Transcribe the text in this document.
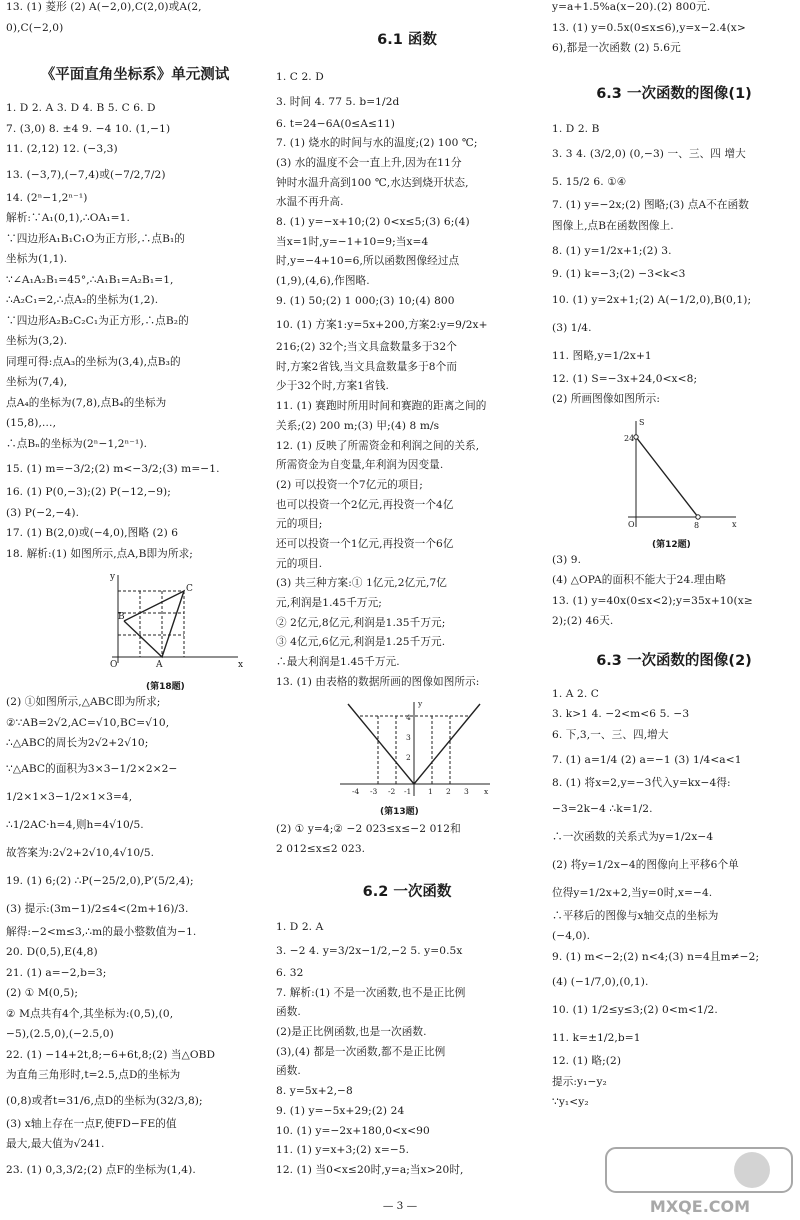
13. (1) 菱形 (2) A(−2,0),C(2,0)或A(2,
0),C(−2,0)
《平面直角坐标系》单元测试
1. D 2. A 3. D 4. B 5. C 6. D
7. (3,0) 8. ±4 9. −4 10. (1,−1)
11. (2,12) 12. (−3,3)
13. (−3,7),(−7,4)或(−7/2,7/2)
14. (2ⁿ−1,2ⁿ⁻¹)
解析:∵A₁(0,1),∴OA₁=1.
∵四边形A₁B₁C₁O为正方形,∴点B₁的
坐标为(1,1).
∵∠A₁A₂B₁=45°,∴A₁B₁=A₂B₁=1,
∴A₂C₁=2,∴点A₂的坐标为(1,2).
∵四边形A₂B₂C₂C₁为正方形,∴点B₂的
坐标为(3,2).
同理可得:点A₃的坐标为(3,4),点B₃的
坐标为(7,4),
点A₄的坐标为(7,8),点B₄的坐标为
(15,8),…,
∴点Bₙ的坐标为(2ⁿ−1,2ⁿ⁻¹).
15. (1) m=−3/2;(2) m<−3/2;(3) m=−1.
16. (1) P(0,−3);(2) P(−12,−9);
(3) P(−2,−4).
17. (1) B(2,0)或(−4,0),图略 (2) 6
18. 解析:(1) 如图所示,点A,B即为所求;
O	x
y
B
A
C
(第18题)
(2) ①如图所示,△ABC即为所求;
②∵AB=2√2,AC=√10,BC=√10,
∴△ABC的周长为2√2+2√10;
∵△ABC的面积为3×3−1/2×2×2−
1/2×1×3−1/2×1×3=4,
∴1/2AC·h=4,则h=4√10/5.
故答案为:2√2+2√10,4√10/5.
19. (1) 6;(2) ∴P(−25/2,0),P′(5/2,4);
(3) 提示:(3m−1)/2≤4<(2m+16)/3.
解得:−2<m≤3,∴m的最小整数值为−1.
20. D(0,5),E(4,8)
21. (1) a=−2,b=3;
(2) ① M(0,5);
② M点共有4个,其坐标为:(0,5),(0,
−5),(2.5,0),(−2.5,0)
22. (1) −14+2t,8;−6+6t,8;(2) 当△OBD
为直角三角形时,t=2.5,点D的坐标为
(0,8)或者t=31/6,点D的坐标为(32/3,8);
(3) x轴上存在一点F,使FD−FE的值
最大,最大值为√241.
23. (1) 0,3,3/2;(2) 点F的坐标为(1,4).
6.1 函数
1. C 2. D
3. 时间 4. 77 5. b=1/2d
6. t=24−6A(0≤A≤11)
7. (1) 烧水的时间与水的温度;(2) 100 ℃;
(3) 水的温度不会一直上升,因为在11分
钟时水温升高到100 ℃,水达到烧开状态,
水温不再升高.
8. (1) y=−x+10;(2) 0<x≤5;(3) 6;(4)
当x=1时,y=−1+10=9;当x=4
时,y=−4+10=6,所以函数图像经过点
(1,9),(4,6),作图略.
9. (1) 50;(2) 1 000;(3) 10;(4) 800
10. (1) 方案1:y=5x+200,方案2:y=9/2x+
216;(2) 32个;当文具盒数量多于32个
时,方案2省钱,当文具盒数量多于8个而
少于32个时,方案1省钱.
11. (1) 赛跑时所用时间和赛跑的距离之间的
关系;(2) 200 m;(3) 甲;(4) 8 m/s
12. (1) 反映了所需资金和利润之间的关系,
所需资金为自变量,年利润为因变量.
(2) 可以投资一个7亿元的项目;
也可以投资一个2亿元,再投资一个4亿
元的项目;
还可以投资一个1亿元,再投资一个6亿
元的项目.
(3) 共三种方案:① 1亿元,2亿元,7亿
元,利润是1.45千万元;
② 2亿元,8亿元,利润是1.35千万元;
③ 4亿元,6亿元,利润是1.25千万元.
∴最大利润是1.45千万元.
13. (1) 由表格的数据所画的图像如图所示:
-4 -3 -2 -1 1 2 3 x
4
3
2
y
(第13题)
(2) ① y=4;② −2 023≤x≤−2 012和
2 012≤x≤2 023.
6.2 一次函数
1. D 2. A
3. −2 4. y=3/2x−1/2,−2 5. y=0.5x
6. 32
7. 解析:(1) 不是一次函数,也不是正比例
函数.
(2)是正比例函数,也是一次函数.
(3),(4) 都是一次函数,都不是正比例
函数.
8. y=5x+2,−8
9. (1) y=−5x+29;(2) 24
10. (1) y=−2x+180,0<x<90
11. (1) y=x+3;(2) x=−5.
12. (1) 当0<x≤20时,y=a;当x>20时,
y=a+1.5%a(x−20).(2) 800元.
13. (1) y=0.5x(0≤x≤6),y=x−2.4(x>
6),都是一次函数 (2) 5.6元
6.3 一次函数的图像(1)
1. D 2. B
3. 3 4. (3/2,0) (0,−3) 一、三、四 增大
5. 15/2 6. ①④
7. (1) y=−2x;(2) 图略;(3) 点A不在函数
图像上,点B在函数图像上.
8. (1) y=1/2x+1;(2) 3.
9. (1) k=−3;(2) −3<k<3
10. (1) y=2x+1;(2) A(−1/2,0),B(0,1);
(3) 1/4.
11. 图略,y=1/2x+1
12. (1) S=−3x+24,0<x<8;
(2) 所画图像如图所示:
24
O	8	x
S
(第12题)
(3) 9.
(4) △OPA的面积不能大于24.理由略
13. (1) y=40x(0≤x<2);y=35x+10(x≥
2);(2) 46天.
6.3 一次函数的图像(2)
1. A 2. C
3. k>1 4. −2<m<6 5. −3
6. 下,3,一、三、四,增大
7. (1) a=1/4 (2) a=−1 (3) 1/4<a<1
8. (1) 将x=2,y=−3代入y=kx−4得:
−3=2k−4 ∴k=1/2.
∴一次函数的关系式为y=1/2x−4
(2) 将y=1/2x−4的图像向上平移6个单
位得y=1/2x+2,当y=0时,x=−4.
∴平移后的图像与x轴交点的坐标为
(−4,0).
9. (1) m<−2;(2) n<4;(3) n=4且m≠−2;
(4) (−1/7,0),(0,1).
10. (1) 1/2≤y≤3;(2) 0<m<1/2.
11. k=±1/2,b=1
12. (1) 略;(2)
提示:y₁−y₂
∵y₁<y₂
— 3 —	MXQE.COM
